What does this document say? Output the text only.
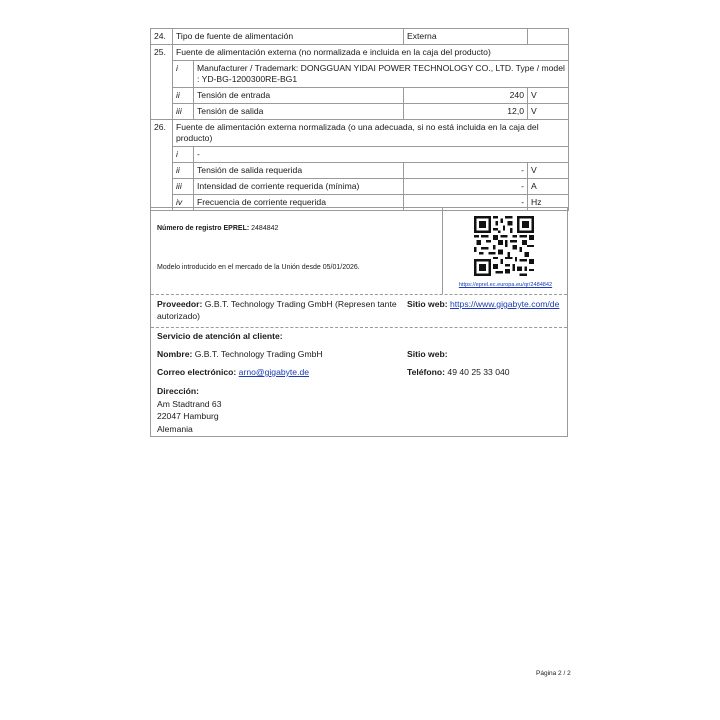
24.	Tipo de fuente de alimentación		Externa	
25.	Fuente de alimentación externa (no normalizada e incluida en la caja del producto)			
	i	Manufacturer / Trademark: DONGGUAN YIDAI POWER TECHNOLOGY CO., LTD. Type / model : YD-BG-1200300RE-BG1		
	ii	Tensión de entrada	240	V
	iii	Tensión de salida	12,0	V
26.	Fuente de alimentación externa normalizada (o una adecuada, si no está incluida en la caja del producto)			
	i	-		
	ii	Tensión de salida requerida	-	V
	iii	Intensidad de corriente requerida (mínima)	-	A
	iv	Frecuencia de corriente requerida	-	Hz
Número de registro EPREL: 2484842
Modelo introducido en el mercado de la Unión desde 05/01/2026.
https://eprel.ec.europa.eu/qr/2484842
Proveedor: G.B.T. Technology Trading GmbH (Represen tante autorizado)
Sitio web: https://www.gigabyte.com/de
Servicio de atención al cliente:
Nombre: G.B.T. Technology Trading GmbH	Sitio web:
Correo electrónico: arno@gigabyte.de	Teléfono: 49 40 25 33 040
Dirección:
Am Stadtrand 63
22047 Hamburg
Alemania
Página 2 / 2
